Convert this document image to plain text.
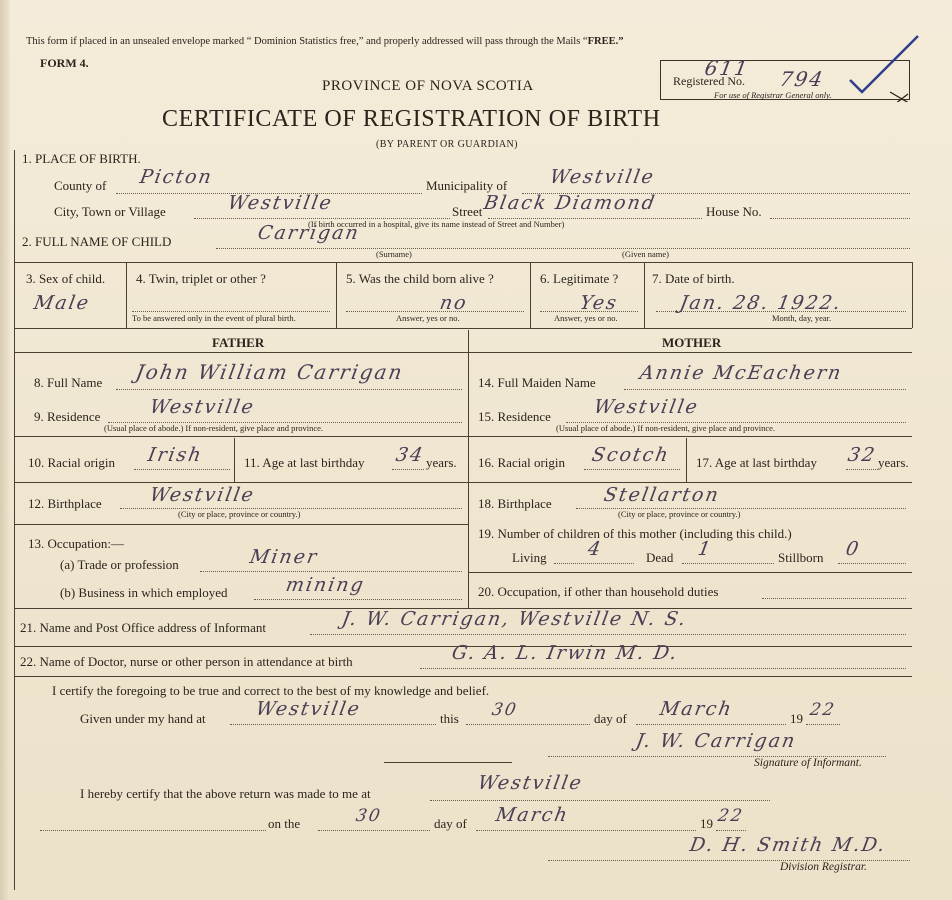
This form if placed in an unsealed envelope marked “ Dominion Statistics free,” and properly addressed will pass through the Mails “FREE.”
FORM 4.
PROVINCE OF NOVA SCOTIA
CERTIFICATE OF REGISTRATION OF BIRTH
(BY PARENT OR GUARDIAN)
Registered No.
611 794
For use of Registrar General only.
1. PLACE OF BIRTH.
County of Picton	Municipality of Westville
City, Town or Village	Westville	Street Black Diamond	House No.
(If birth occurred in a hospital, give its name instead of Street and Number)
2. FULL NAME OF CHILD	Carrigan
(Surname)	(Given name)
3. Sex of child.
Male
4. Twin, triplet or other ?
To be answered only in the event of plural birth.
5. Was the child born alive ?
no
Answer, yes or no.
6. Legitimate ?
Yes
Answer, yes or no.
7. Date of birth.
Jan. 28. 1922.
Month, day, year.
FATHER	MOTHER
8. Full Name John William Carrigan
9. Residence	Westville
(Usual place of abode.) If non-resident, give place and province.
10. Racial origin Irish	11. Age at last birthday 34 years.
12. Birthplace Westville
(City or place, province or country.)
13. Occupation:—
(a) Trade or profession	Miner
(b) Business in which employed	mining
14. Full Maiden Name Annie McEachern
15. Residence Westville
(Usual place of abode.) If non-resident, give place and province.
16. Racial origin Scotch 17. Age at last birthday 32 years.
18. Birthplace	Stellarton
(City or place, province or country.)
19. Number of children of this mother (including this child.)
Living 4	Dead 1	Stillborn 0
20. Occupation, if other than household duties
21. Name and Post Office address of Informant	J. W. Carrigan, Westville N. S.
22. Name of Doctor, nurse or other person in attendance at birth	G. A. L. Irwin M. D.
I certify the foregoing to be true and correct to the best of my knowledge and belief.
Given under my hand at	Westville	this 30	day of March	19 22
J. W. Carrigan
Signature of Informant.
I hereby certify that the above return was made to me at	Westville
on the	30	day of March	19 22
D. H. Smith M.D.
Division Registrar.
